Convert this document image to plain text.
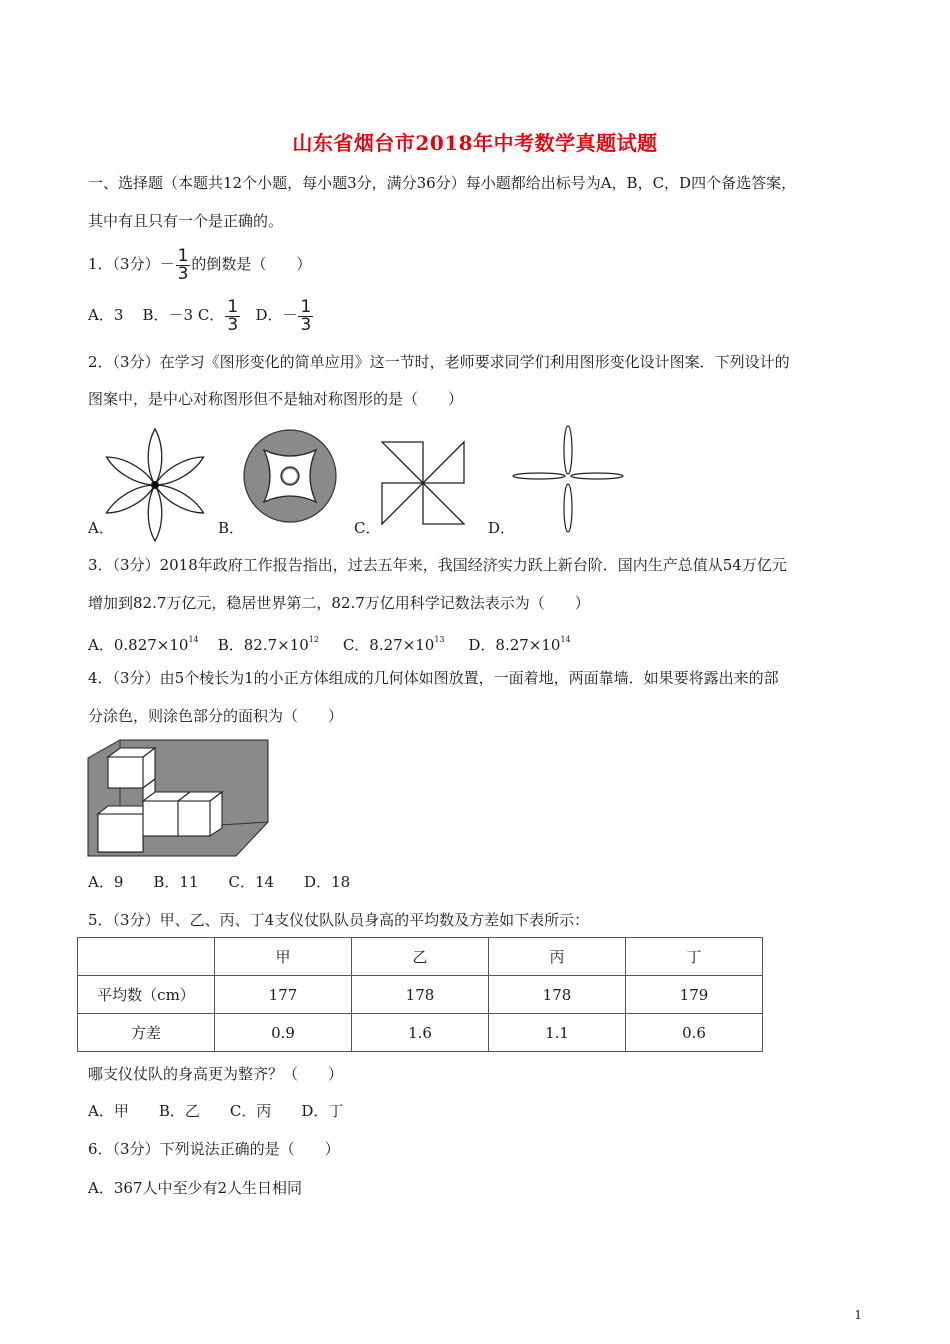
山东省烟台市2018年中考数学真题试题
一、选择题（本题共12个小题，每小题3分，满分36分）每小题都给出标号为A，B，C，D四个备选答案，
其中有且只有一个是正确的。
1．（3分）－ $\frac{1}{3}$ 的倒数是（　　）
A．3 B．－3 C． $\frac{1}{3}$ D．－ $\frac{1}{3}$
2．（3分）在学习《图形变化的简单应用》这一节时，老师要求同学们利用图形变化设计图案．下列设计的
图案中，是中心对称图形但不是轴对称图形的是（　　）
A．	B．	C．	D．
3．（3分）2018年政府工作报告指出，过去五年来，我国经济实力跃上新台阶．国内生产总值从54万亿元
增加到82.7万亿元，稳居世界第二，82.7万亿用科学记数法表示为（　　）
A．$0.827\times 10^{14}$ B．$82.7\times 10^{12}$ C．$8.27\times 10^{13}$ D．$8.27\times 10^{14}$
4．（3分）由5个棱长为1的小正方体组成的几何体如图放置，一面着地，两面靠墙．如果要将露出来的部
分涂色，则涂色部分的面积为（　　）
A．9　　B．11　　C．14　　D．18
5．（3分）甲、乙、丙、丁4支仪仗队队员身高的平均数及方差如下表所示：
	甲	乙	丙	丁
平均数（cm）	177	178	178	179
方差	0.9	1.6	1.1	0.6
哪支仪仗队的身高更为整齐？（　　）
A．甲　　B．乙　　C．丙　　D．丁
6．（3分）下列说法正确的是（　　）
A．367人中至少有2人生日相同
1
